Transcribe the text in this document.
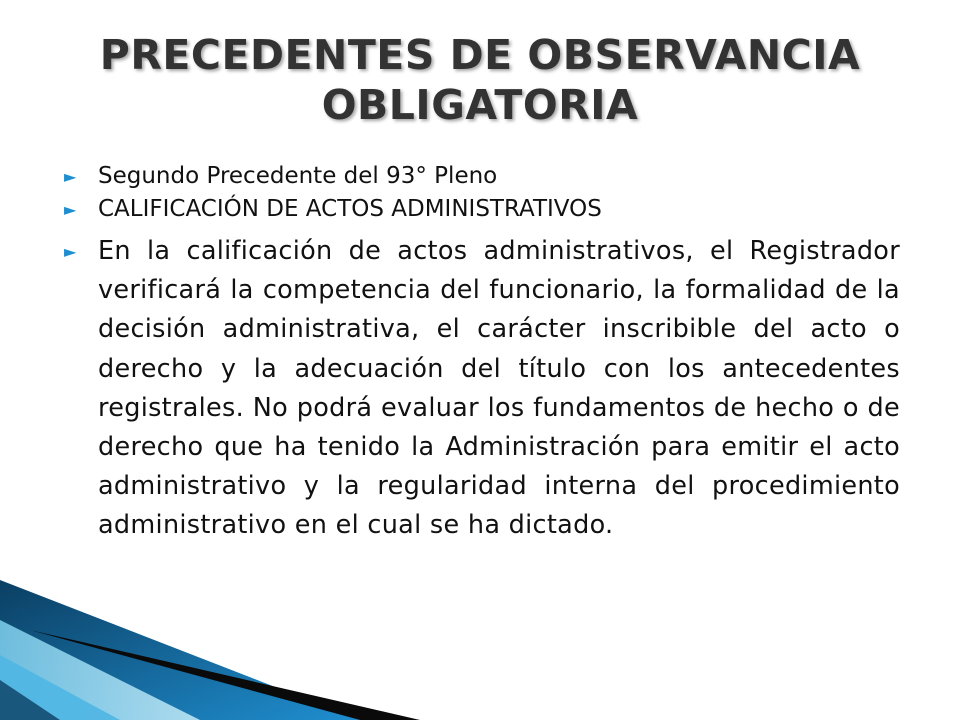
PRECEDENTES DE OBSERVANCIA OBLIGATORIA
► Segundo Precedente del 93° Pleno
► CALIFICACIÓN DE ACTOS ADMINISTRATIVOS
► En la calificación de actos administrativos, el Registrador verificará la competencia del funcionario, la formalidad de la decisión administrativa, el carácter inscribible del acto o derecho y la adecuación del título con los antecedentes registrales. No podrá evaluar los fundamentos de hecho o de derecho que ha tenido la Administración para emitir el acto administrativo y la regularidad interna del procedimiento administrativo en el cual se ha dictado.
